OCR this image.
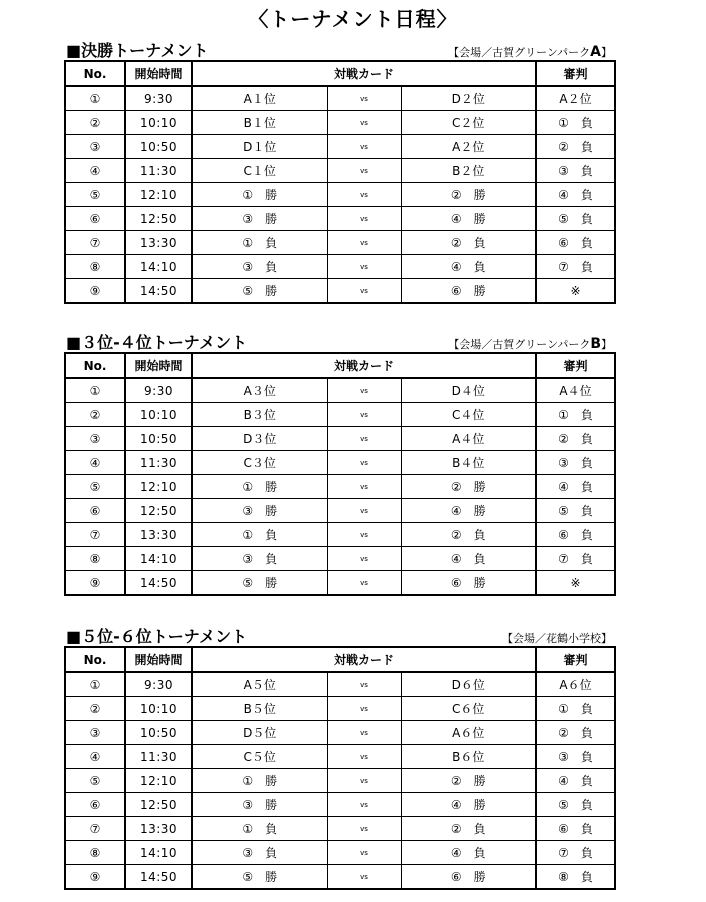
〈トーナメント日程〉
■決勝トーナメント	【会場／古賀グリーンパークA】
No.	開始時間	対戦カード			審判
①	9:30	A１位	vs	D２位	A２位
②	10:10	B１位	vs	C２位	①　負
③	10:50	D１位	vs	A２位	②　負
④	11:30	C１位	vs	B２位	③　負
⑤	12:10	①　勝	vs	②　勝	④　負
⑥	12:50	③　勝	vs	④　勝	⑤　負
⑦	13:30	①　負	vs	②　負	⑥　負
⑧	14:10	③　負	vs	④　負	⑦　負
⑨	14:50	⑤　勝	vs	⑥　勝	※
■３位-４位トーナメント	【会場／古賀グリーンパークB】
No.	開始時間	対戦カード			審判
①	9:30	A３位	vs	D４位	A４位
②	10:10	B３位	vs	C４位	①　負
③	10:50	D３位	vs	A４位	②　負
④	11:30	C３位	vs	B４位	③　負
⑤	12:10	①　勝	vs	②　勝	④　負
⑥	12:50	③　勝	vs	④　勝	⑤　負
⑦	13:30	①　負	vs	②　負	⑥　負
⑧	14:10	③　負	vs	④　負	⑦　負
⑨	14:50	⑤　勝	vs	⑥　勝	※
■５位-６位トーナメント	【会場／花鶴小学校】
No.	開始時間	対戦カード			審判
①	9:30	A５位	vs	D６位	A６位
②	10:10	B５位	vs	C６位	①　負
③	10:50	D５位	vs	A６位	②　負
④	11:30	C５位	vs	B６位	③　負
⑤	12:10	①　勝	vs	②　勝	④　負
⑥	12:50	③　勝	vs	④　勝	⑤　負
⑦	13:30	①　負	vs	②　負	⑥　負
⑧	14:10	③　負	vs	④　負	⑦　負
⑨	14:50	⑤　勝	vs	⑥　勝	⑧　負
